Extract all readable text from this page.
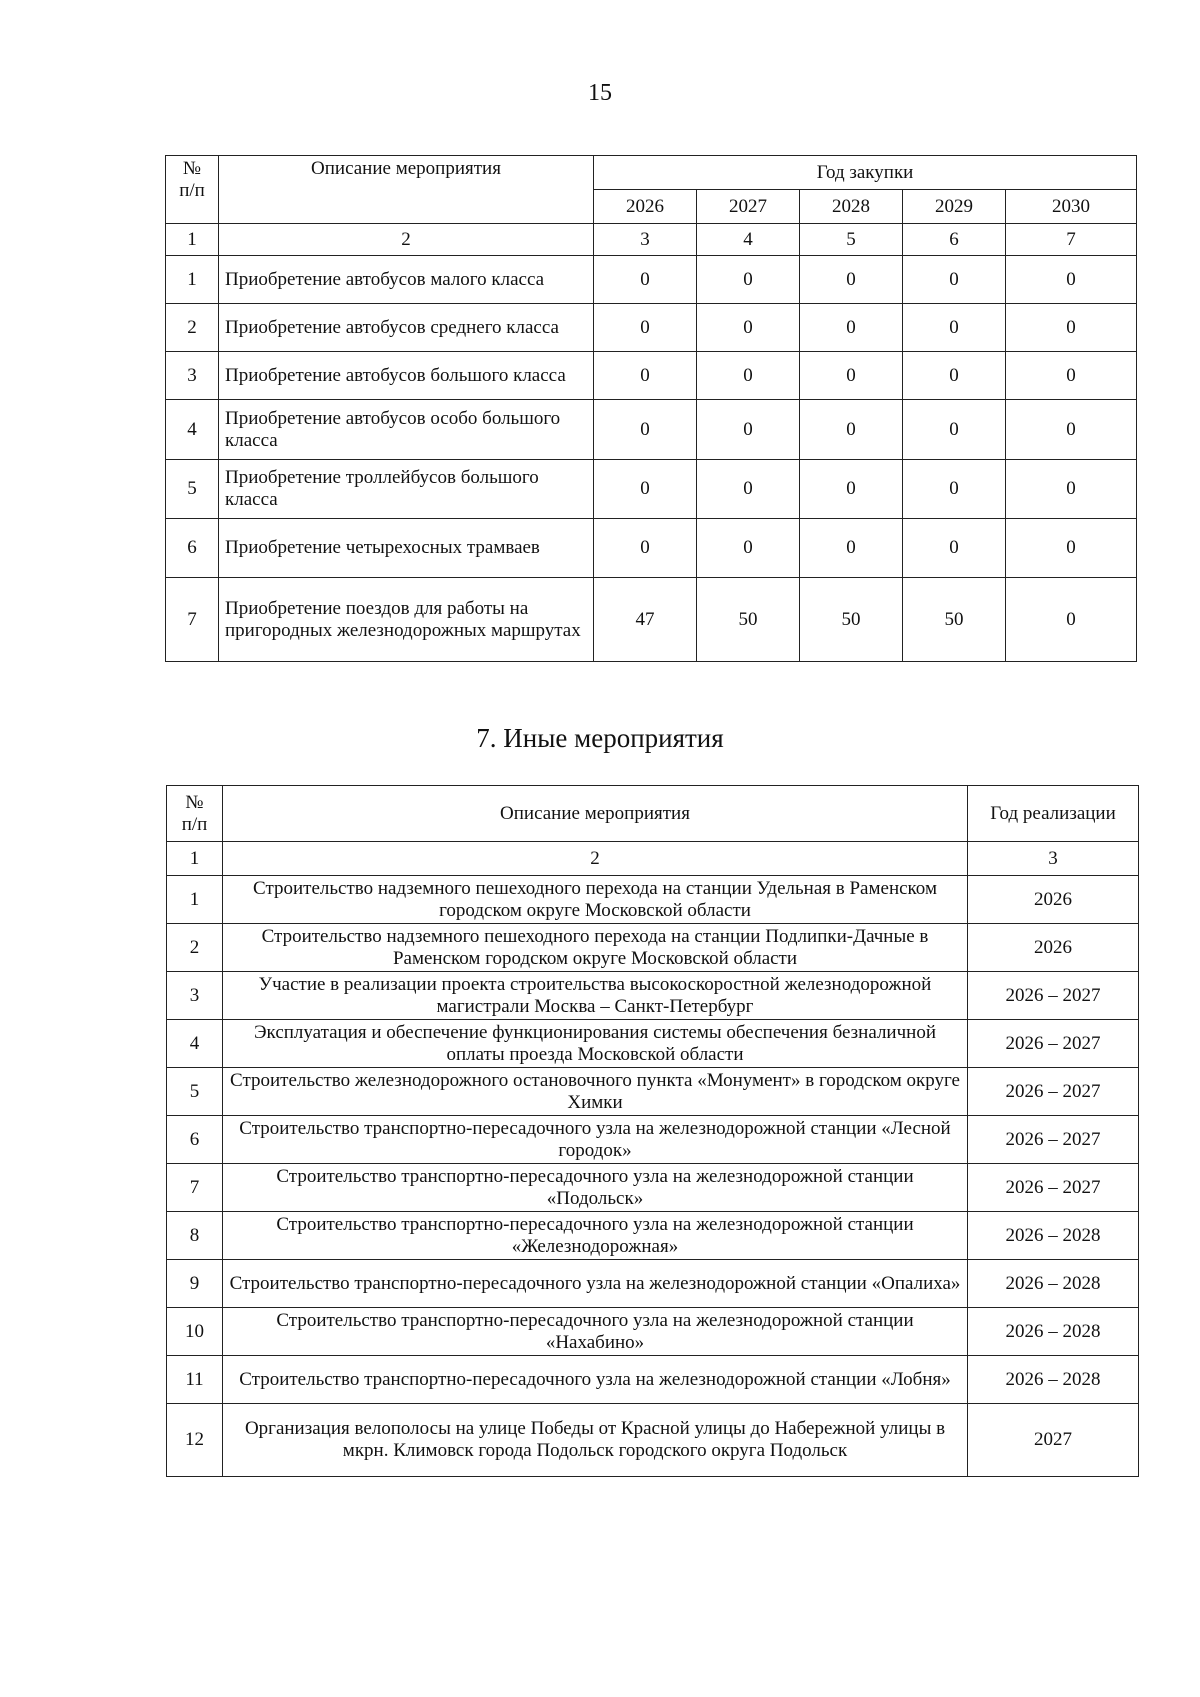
15
№
п/п	Описание мероприятия	Год закупки				
		2026	2027	2028	2029	2030
1	2	3	4	5	6	7
1	Приобретение автобусов малого класса	0	0	0	0	0
2	Приобретение автобусов среднего класса	0	0	0	0	0
3	Приобретение автобусов большого класса	0	0	0	0	0
4	Приобретение автобусов особо большого класса	0	0	0	0	0
5	Приобретение троллейбусов большого класса	0	0	0	0	0
6	Приобретение четырехосных трамваев	0	0	0	0	0
7	Приобретение поездов для работы на пригородных железнодорожных маршрутах	47	50	50	50	0
7. Иные мероприятия
№
п/п	Описание мероприятия	Год реализации
1	2	3
1	Строительство надземного пешеходного перехода на станции Удельная в Раменском городском округе Московской области	2026
2	Строительство надземного пешеходного перехода на станции Подлипки-Дачные в Раменском городском округе Московской области	2026
3	Участие в реализации проекта строительства высокоскоростной железнодорожной магистрали Москва – Санкт-Петербург	2026 – 2027
4	Эксплуатация и обеспечение функционирования системы обеспечения безналичной оплаты проезда Московской области	2026 – 2027
5	Строительство железнодорожного остановочного пункта «Монумент» в городском округе Химки	2026 – 2027
6	Строительство транспортно-пересадочного узла на железнодорожной станции «Лесной городок»	2026 – 2027
7	Строительство транспортно-пересадочного узла на железнодорожной станции «Подольск»	2026 – 2027
8	Строительство транспортно-пересадочного узла на железнодорожной станции «Железнодорожная»	2026 – 2028
9	Строительство транспортно-пересадочного узла на железнодорожной станции «Опалиха»	2026 – 2028
10	Строительство транспортно-пересадочного узла на железнодорожной станции «Нахабино»	2026 – 2028
11	Строительство транспортно-пересадочного узла на железнодорожной станции «Лобня»	2026 – 2028
12	Организация велополосы на улице Победы от Красной улицы до Набережной улицы в мкрн. Климовск города Подольск городского округа Подольск	2027
